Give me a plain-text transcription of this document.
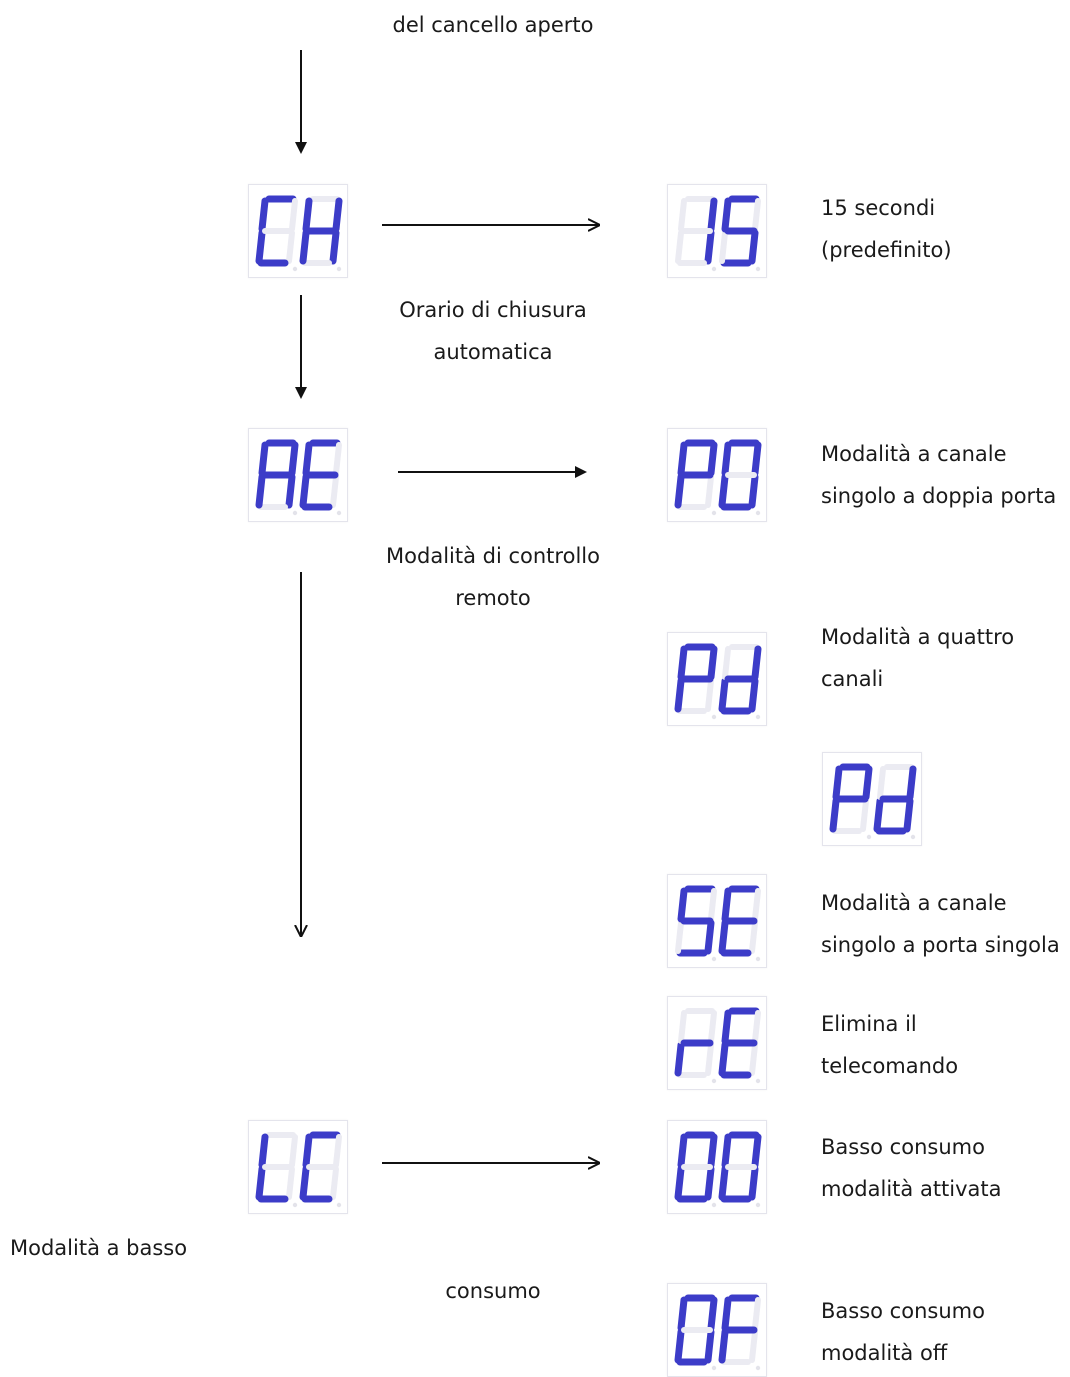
del cancello aperto
Orario di chiusura
automatica
Modalità di controllo
remoto
Modalità a basso
consumo
15 secondi
(predefinito)
Modalità a canale
singolo a doppia porta
Modalità a quattro
canali
Modalità a canale
singolo a porta singola
Elimina il
telecomando
Basso consumo
modalità attivata
Basso consumo
modalità off
